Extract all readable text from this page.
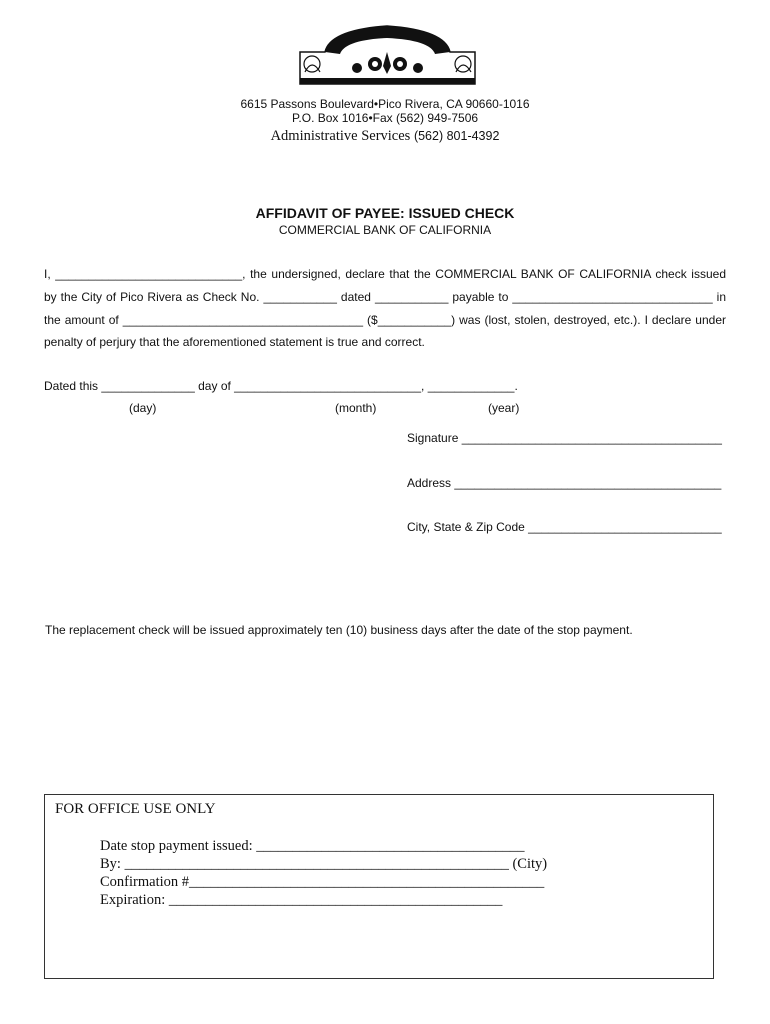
6615 Passons Boulevard•Pico Rivera, CA 90660-1016
P.O. Box 1016•Fax (562) 949-7506
Administrative Services (562) 801-4392
AFFIDAVIT OF PAYEE: ISSUED CHECK
COMMERCIAL BANK OF CALIFORNIA
I, ____________________________, the undersigned, declare that the COMMERCIAL BANK OF CALIFORNIA check issued
by the City of Pico Rivera as Check No. ___________ dated ___________ payable to ______________________________ in
the amount of ____________________________________ ($___________) was (lost, stolen, destroyed, etc.). I declare under
penalty of perjury that the aforementioned statement is true and correct.
Dated this ______________ day of ____________________________, _____________.
(day)	(month)	(year)
Signature _______________________________________
Address ________________________________________
City, State & Zip Code _____________________________
The replacement check will be issued approximately ten (10) business days after the date of the stop payment.
FOR OFFICE USE ONLY
Date stop payment issued: _____________________________________
By: _____________________________________________________ (City)
Confirmation #_________________________________________________
Expiration: ______________________________________________
